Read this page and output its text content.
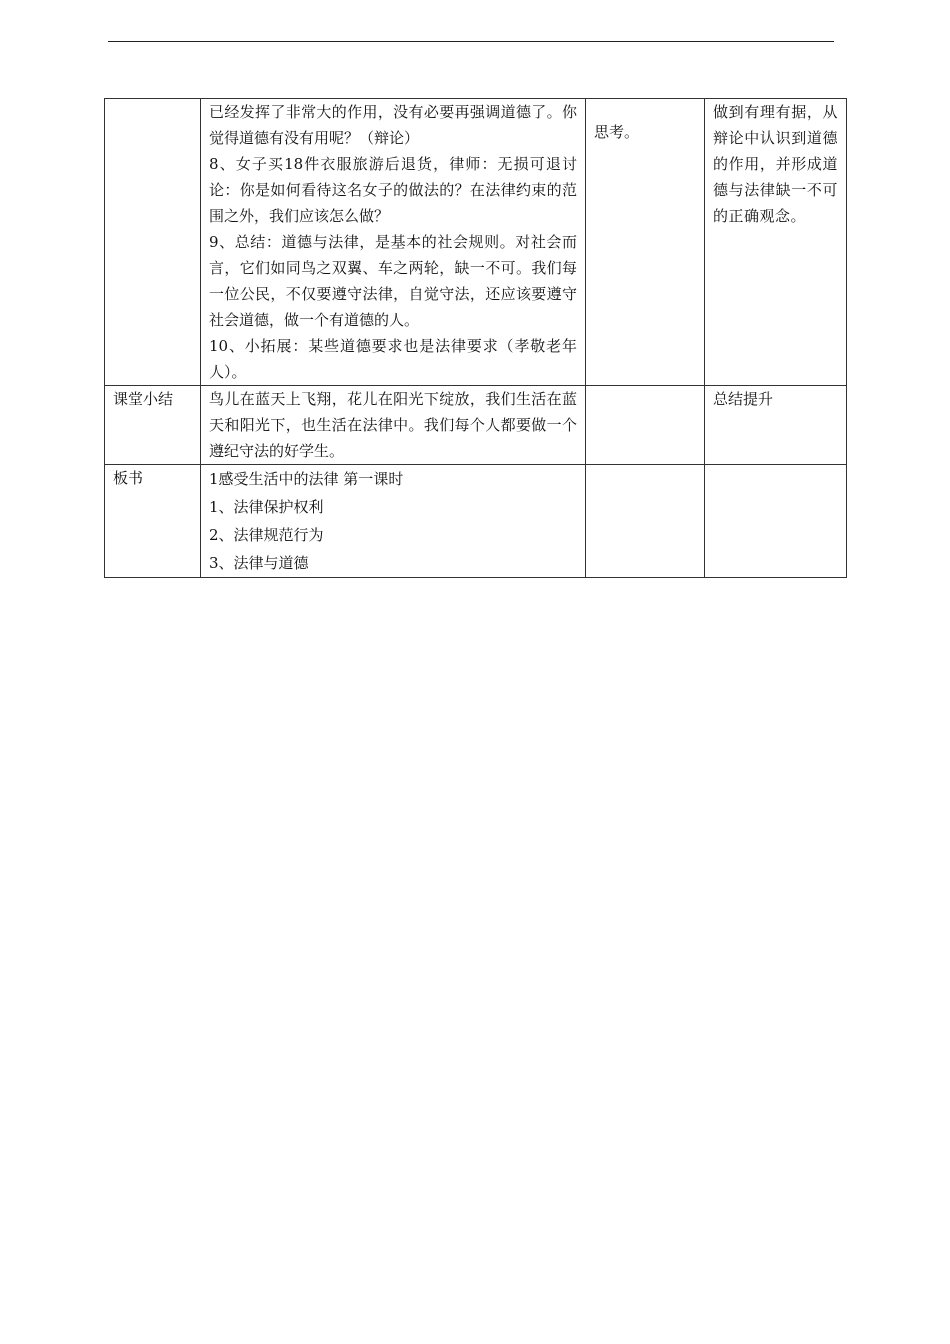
	已经发挥了非常大的作用，没有必要再强调道德了。你觉得道德有没有用呢？（辩论）

8、女子买18件衣服旅游后退货，律师：无损可退讨论：你是如何看待这名女子的做法的？在法律约束的范围之外，我们应该怎么做？

9、总结：道德与法律，是基本的社会规则。对社会而言，它们如同鸟之双翼、车之两轮，缺一不可。我们每一位公民，不仅要遵守法律，自觉守法，还应该要遵守社会道德，做一个有道德的人。

10、小拓展：某些道德要求也是法律要求（孝敬老年人）。	思考。	做到有理有据，从辩论中认识到道德的作用，并形成道德与法律缺一不可的正确观念。

课堂小结	鸟儿在蓝天上飞翔，花儿在阳光下绽放，我们生活在蓝天和阳光下，也生活在法律中。我们每个人都要做一个遵纪守法的好学生。		总结提升
板书	1感受生活中的法律 第一课时
1、法律保护权利
2、法律规范行为
3、法律与道德		
